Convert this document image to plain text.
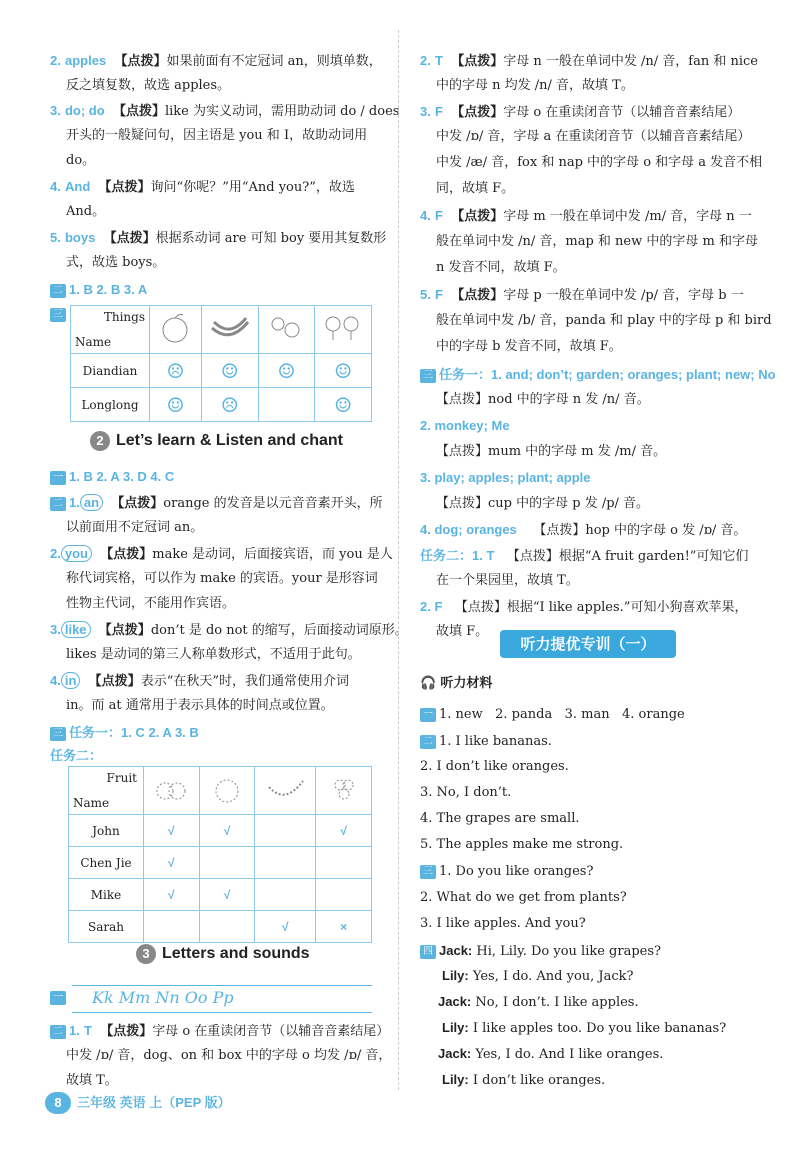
2. apples 【点拨】如果前面有不定冠词 an，则填单数，
反之填复数，故选 apples。
3. do; do 【点拨】like 为实义动词，需用助动词 do / does
开头的一般疑问句，因主语是 you 和 I，故助动词用
do。
4. And 【点拨】询问“你呢？”用“And you?”，故选
And。
5. boys 【点拨】根据系动词 are 可知 boy 要用其复数形
式，故选 boys。
二 1. B 2. B 3. A
三	Things
Name

Diandian	☹	☺	☺	☺
Longlong	☺	☹		☺
2 Let’s learn & Listen and chant
一 1. B 2. A 3. D 4. C
二 1. an 【点拨】orange 的发音是以元音音素开头，所
以前面用不定冠词 an。
2. you 【点拨】make 是动词，后面接宾语，而 you 是人
称代词宾格，可以作为 make 的宾语。your 是形容词
性物主代词，不能用作宾语。
3. like 【点拨】don’t 是 do not 的缩写，后面接动词原形。
likes 是动词的第三人称单数形式，不适用于此句。
4. in 【点拨】表示“在秋天”时，我们通常使用介词
in。而 at 通常用于表示具体的时间点或位置。
三 任务一：1. C 2. A 3. B
任务二：
Fruit
Name

John	√	√		√
Chen Jie	√			
Mike	√	√		
Sarah			√	×
3 Letters and sounds
一 Kk Mm Nn Oo Pp
二 1. T 【点拨】字母 o 在重读闭音节（以辅音音素结尾）
中发 /ɒ/ 音，dog、on 和 box 中的字母 o 均发 /ɒ/ 音，
故填 T。
2. T 【点拨】字母 n 一般在单词中发 /n/ 音，fan 和 nice
中的字母 n 均发 /n/ 音，故填 T。
3. F 【点拨】字母 o 在重读闭音节（以辅音音素结尾）
中发 /ɒ/ 音，字母 a 在重读闭音节（以辅音音素结尾）
中发 /æ/ 音，fox 和 nap 中的字母 o 和字母 a 发音不相
同，故填 F。
4. F 【点拨】字母 m 一般在单词中发 /m/ 音，字母 n 一
般在单词中发 /n/ 音，map 和 new 中的字母 m 和字母
n 发音不同，故填 F。
5. F 【点拨】字母 p 一般在单词中发 /p/ 音，字母 b 一
般在单词中发 /b/ 音，panda 和 play 中的字母 p 和 bird
中的字母 b 发音不同，故填 F。
三 任务一：1. and; don’t; garden; oranges; plant; new; No
【点拨】nod 中的字母 n 发 /n/ 音。
2. monkey; Me
【点拨】mum 中的字母 m 发 /m/ 音。
3. play; apples; plant; apple
【点拨】cup 中的字母 p 发 /p/ 音。
4. dog; oranges 【点拨】hop 中的字母 o 发 /ɒ/ 音。
任务二：1. T 【点拨】根据“A fruit garden!”可知它们
在一个果园里，故填 T。
2. F 【点拨】根据“I like apples.”可知小狗喜欢苹果，
故填 F。
听力提优专训（一）
🎧 听力材料
一 1. new 2. panda 3. man 4. orange
二 1. I like bananas.
2. I don’t like oranges.
3. No, I don’t.
4. The grapes are small.
5. The apples make me strong.
三 1. Do you like oranges?
2. What do we get from plants?
3. I like apples. And you?
四 Jack: Hi, Lily. Do you like grapes?
Lily: Yes, I do. And you, Jack?
Jack: No, I don’t. I like apples.
Lily: I like apples too. Do you like bananas?
Jack: Yes, I do. And I like oranges.
Lily: I don’t like oranges.
8 三年级 英语 上（PEP 版）
